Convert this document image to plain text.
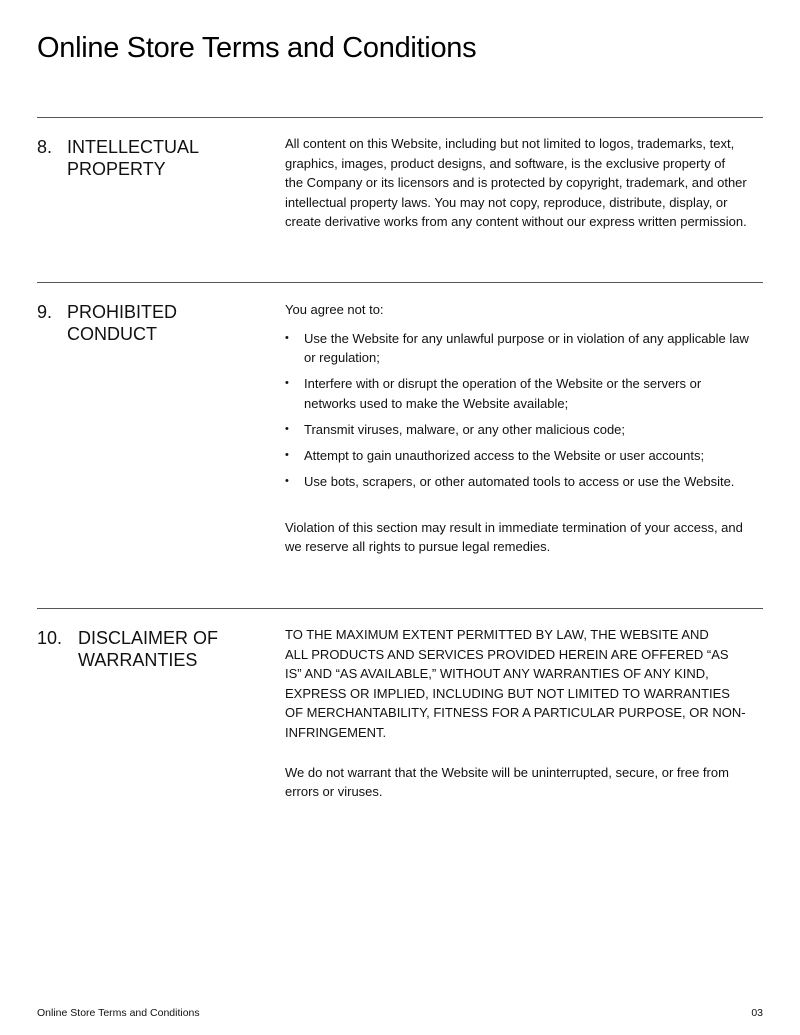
Online Store Terms and Conditions
8. INTELLECTUAL
PROPERTY

All content on this Website, including but not limited to logos, trademarks, text,
graphics, images, product designs, and software, is the exclusive property of
the Company or its licensors and is protected by copyright, trademark, and other
intellectual property laws. You may not copy, reproduce, distribute, display, or
create derivative works from any content without our express written permission.

9. PROHIBITED
CONDUCT

You agree not to:

• Use the Website for any unlawful purpose or in violation of any applicable law
or regulation;
• Interfere with or disrupt the operation of the Website or the servers or
networks used to make the Website available;
• Transmit viruses, malware, or any other malicious code;
• Attempt to gain unauthorized access to the Website or user accounts;
• Use bots, scrapers, or other automated tools to access or use the Website.

Violation of this section may result in immediate termination of your access, and
we reserve all rights to pursue legal remedies.

10. DISCLAIMER OF
WARRANTIES

TO THE MAXIMUM EXTENT PERMITTED BY LAW, THE WEBSITE AND
ALL PRODUCTS AND SERVICES PROVIDED HEREIN ARE OFFERED “AS
IS” AND “AS AVAILABLE,” WITHOUT ANY WARRANTIES OF ANY KIND,
EXPRESS OR IMPLIED, INCLUDING BUT NOT LIMITED TO WARRANTIES
OF MERCHANTABILITY, FITNESS FOR A PARTICULAR PURPOSE, OR NON-
INFRINGEMENT.

We do not warrant that the Website will be uninterrupted, secure, or free from
errors or viruses.

Online Store Terms and Conditions	03
